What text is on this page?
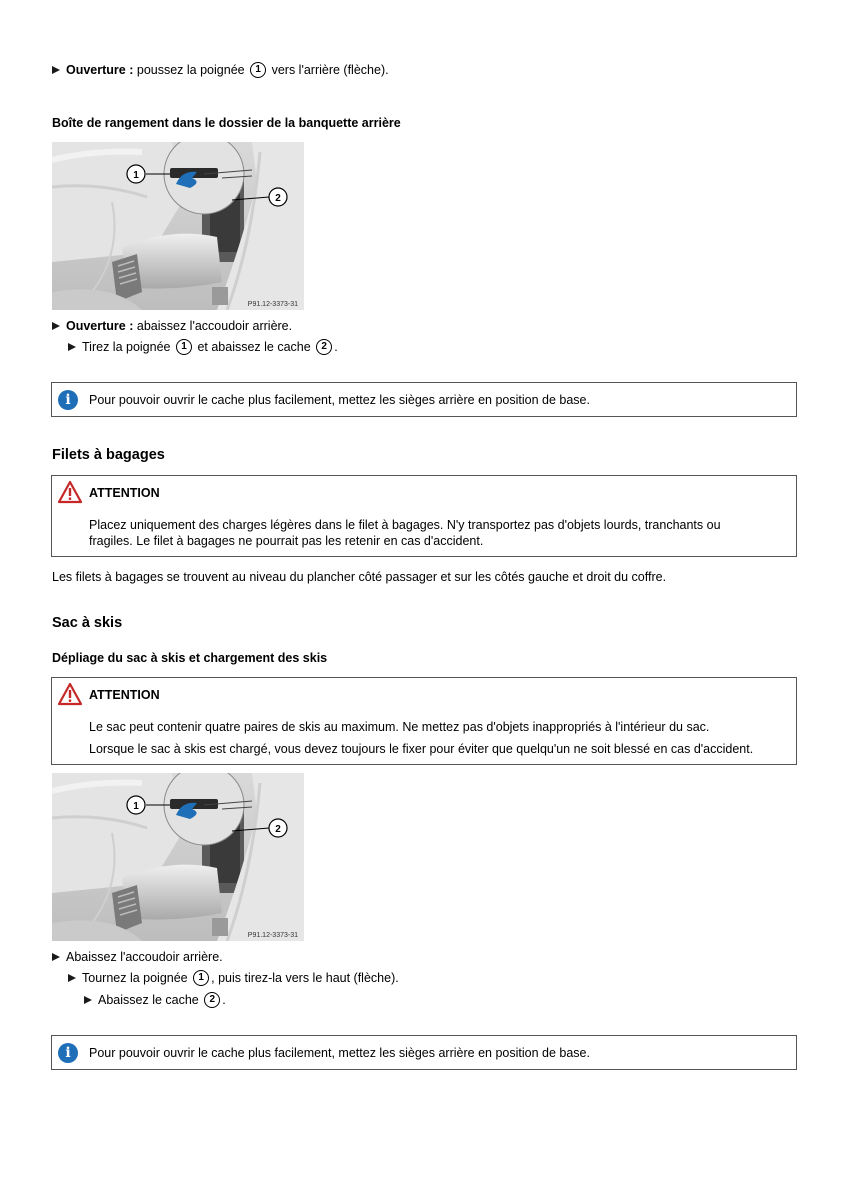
Ouverture : poussez la poignée 1 vers l'arrière (flèche).
Boîte de rangement dans le dossier de la banquette arrière
1
2
P91.12-3373-31
Ouverture : abaissez l'accoudoir arrière.
Tirez la poignée 1 et abaissez le cache 2 .
i	Pour pouvoir ouvrir le cache plus facilement, mettez les sièges arrière en position de base.
Filets à bagages
ATTENTION
Placez uniquement des charges légères dans le filet à bagages. N'y transportez pas d'objets lourds, tranchants ou fragiles. Le filet à bagages ne pourrait pas les retenir en cas d'accident.
Les filets à bagages se trouvent au niveau du plancher côté passager et sur les côtés gauche et droit du coffre.
Sac à skis
Dépliage du sac à skis et chargement des skis
ATTENTION
Le sac peut contenir quatre paires de skis au maximum. Ne mettez pas d'objets inappropriés à l'intérieur du sac.
Lorsque le sac à skis est chargé, vous devez toujours le fixer pour éviter que quelqu'un ne soit blessé en cas d'accident.
1
2
P91.12-3373-31
Abaissez l'accoudoir arrière.
Tournez la poignée 1 , puis tirez-la vers le haut (flèche).
Abaissez le cache 2 .
i	Pour pouvoir ouvrir le cache plus facilement, mettez les sièges arrière en position de base.
